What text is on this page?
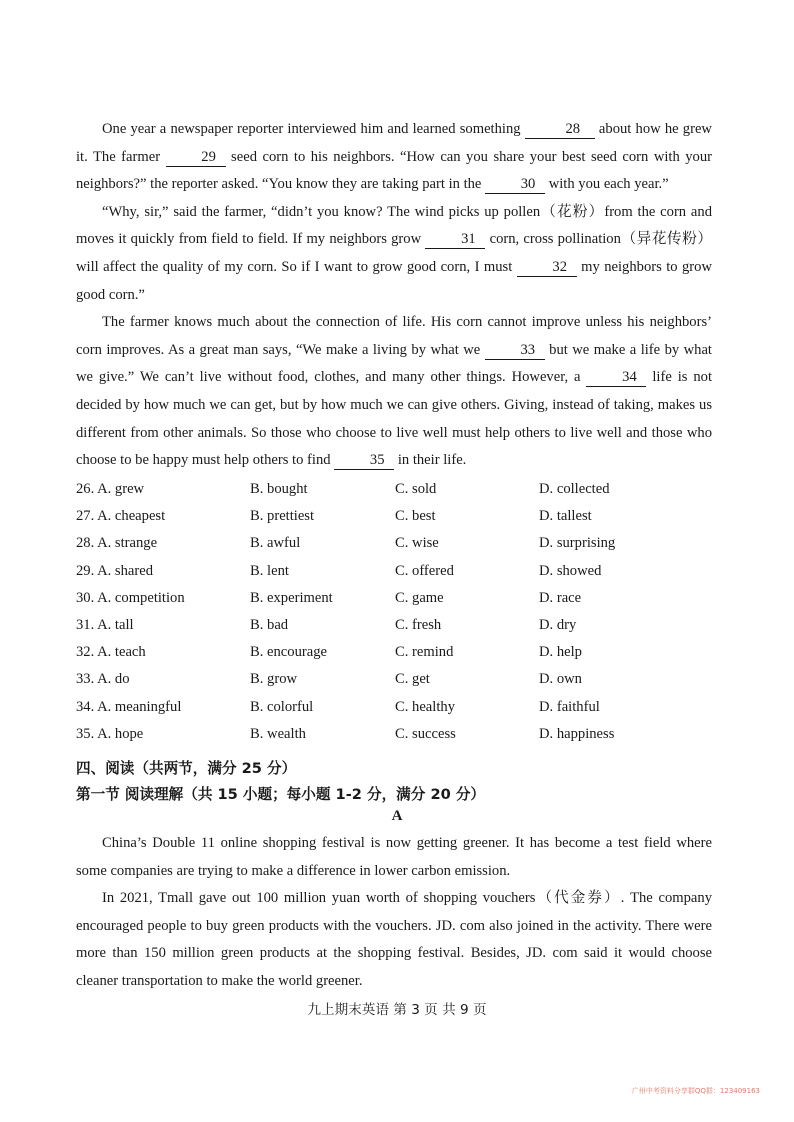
One year a newspaper reporter interviewed him and learned something	28 about how he grew it. The farmer 29 seed corn to his neighbors. “How can you share your best seed corn with your neighbors?” the reporter asked. “You know they are taking part in the 30 with you each year.”

“Why, sir,” said the farmer, “didn’t you know? The wind picks up pollen（花粉）from the corn and moves it quickly from field to field. If my neighbors grow 31 corn, cross pollination（异花传粉）will affect the quality of my corn. So if I want to grow good corn, I must 32 my neighbors to grow good corn.”

The farmer knows much about the connection of life. His corn cannot improve unless his neighbors’ corn improves. As a great man says, “We make a living by what we 33 but we make a life by what we give.” We can’t live without food, clothes, and many other things. However, a 34 life is not decided by how much we can get, but by how much we can give others. Giving, instead of taking, makes us different from other animals. So those who choose to live well must help others to live well and those who choose to be happy must help others to find 35 in their life.

26. A. grew	B. bought	C. sold	D. collected
27. A. cheapest	B. prettiest	C. best	D. tallest
28. A. strange	B. awful	C. wise	D. surprising
29. A. shared	B. lent	C. offered	D. showed
30. A. competition	B. experiment	C. game	D. race
31. A. tall	B. bad	C. fresh	D. dry
32. A. teach	B. encourage	C. remind	D. help
33. A. do	B. grow	C. get	D. own
34. A. meaningful	B. colorful	C. healthy	D. faithful
35. A. hope	B. wealth	C. success	D. happiness
四、阅读（共两节，满分 25 分）
第一节 阅读理解（共 15 小题；每小题 1-2 分，满分 20 分）
A

China’s Double 11 online shopping festival is now getting greener. It has become a test field where some companies are trying to make a difference in lower carbon emission.

In 2021, Tmall gave out 100 million yuan worth of shopping vouchers（代金券）. The company encouraged people to buy green products with the vouchers. JD. com also joined in the activity. There were more than 150 million green products at the shopping festival. Besides, JD. com said it would choose cleaner transportation to make the world greener.

九上期末英语 第 3 页 共 9 页
广州中考资料分享群QQ群：123409163
